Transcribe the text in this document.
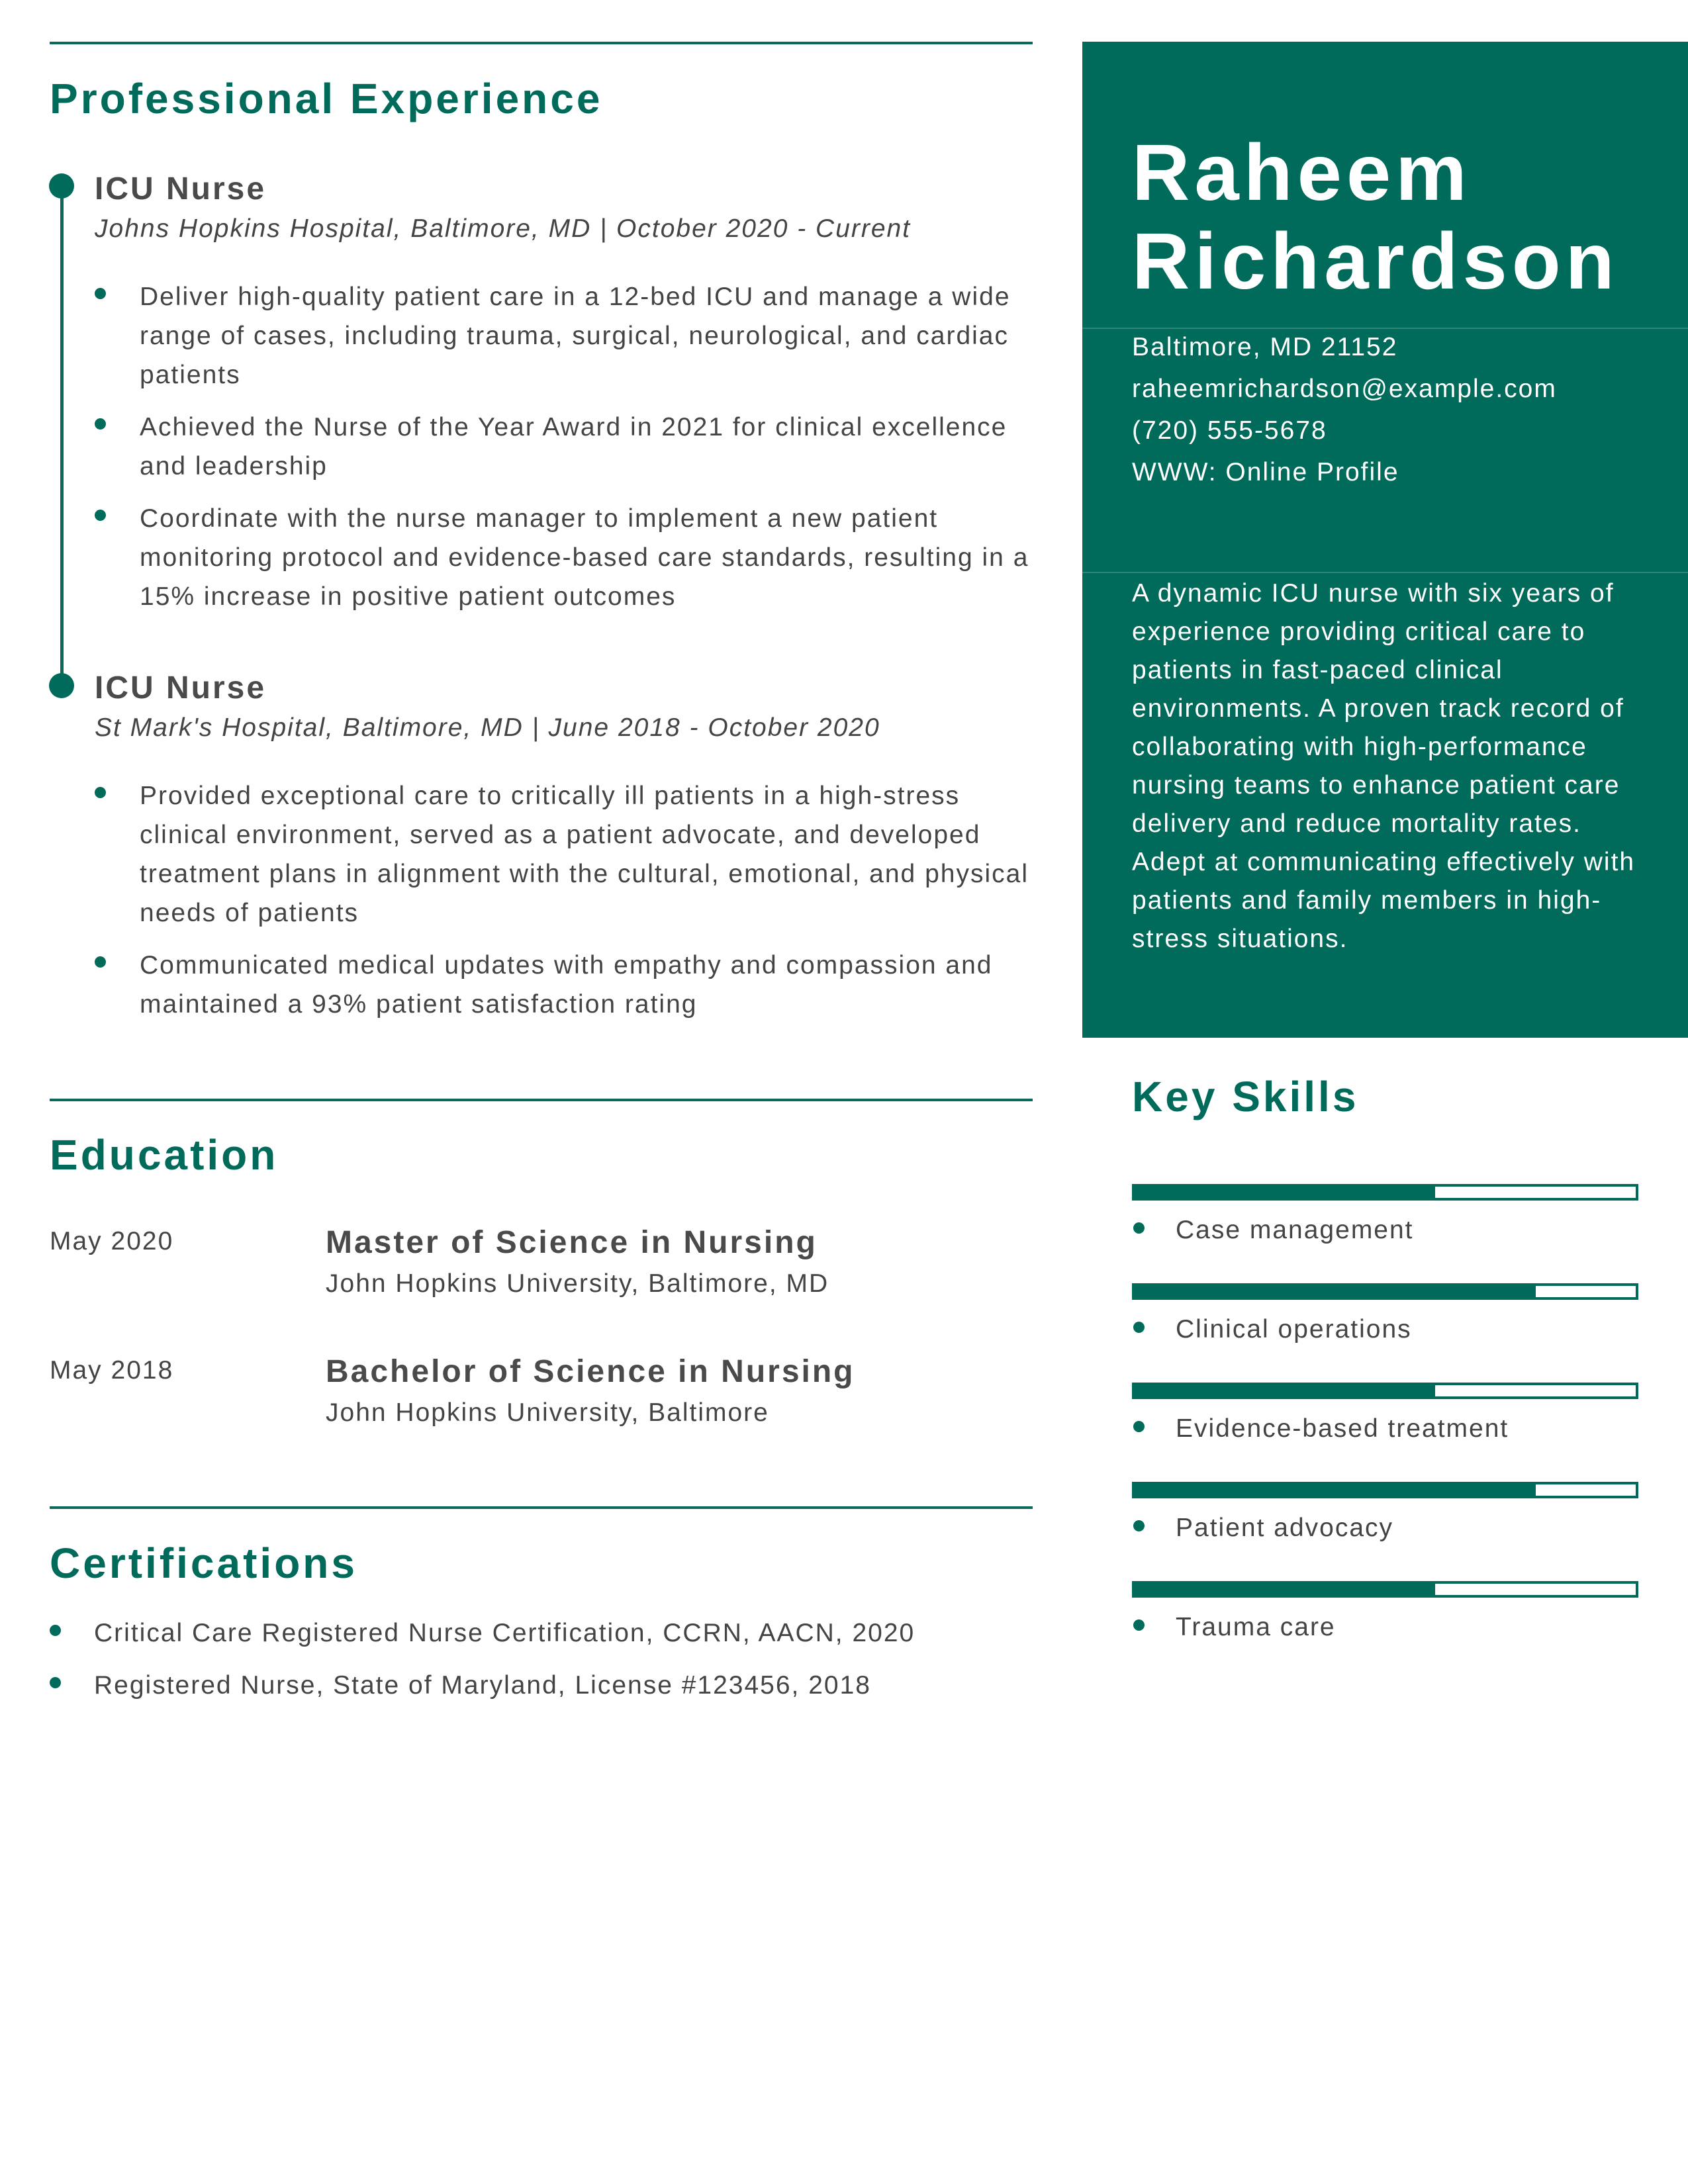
Professional Experience
ICU Nurse
Johns Hopkins Hospital, Baltimore, MD | October 2020 - Current
Deliver high-quality patient care in a 12-bed ICU and manage a wide range of cases, including trauma, surgical, neurological, and cardiac patients
Achieved the Nurse of the Year Award in 2021 for clinical excellence and leadership
Coordinate with the nurse manager to implement a new patient monitoring protocol and evidence-based care standards, resulting in a 15% increase in positive patient outcomes
ICU Nurse
St Mark's Hospital, Baltimore, MD | June 2018 - October 2020
Provided exceptional care to critically ill patients in a high-stress clinical environment, served as a patient advocate, and developed treatment plans in alignment with the cultural, emotional, and physical needs of patients
Communicated medical updates with empathy and compassion and maintained a 93% patient satisfaction rating
Education
May 2020	Master of Science in Nursing
John Hopkins University, Baltimore, MD
May 2018	Bachelor of Science in Nursing
John Hopkins University, Baltimore
Certifications
Critical Care Registered Nurse Certification, CCRN, AACN, 2020
Registered Nurse, State of Maryland, License #123456, 2018
Raheem
Richardson
Baltimore, MD 21152
raheemrichardson@example.com
(720) 555-5678
WWW: Online Profile
A dynamic ICU nurse with six years of experience providing critical care to patients in fast-paced clinical environments. A proven track record of collaborating with high-performance nursing teams to enhance patient care delivery and reduce mortality rates. Adept at communicating effectively with patients and family members in high-stress situations.
Key Skills
Case management
Clinical operations
Evidence-based treatment
Patient advocacy
Trauma care
